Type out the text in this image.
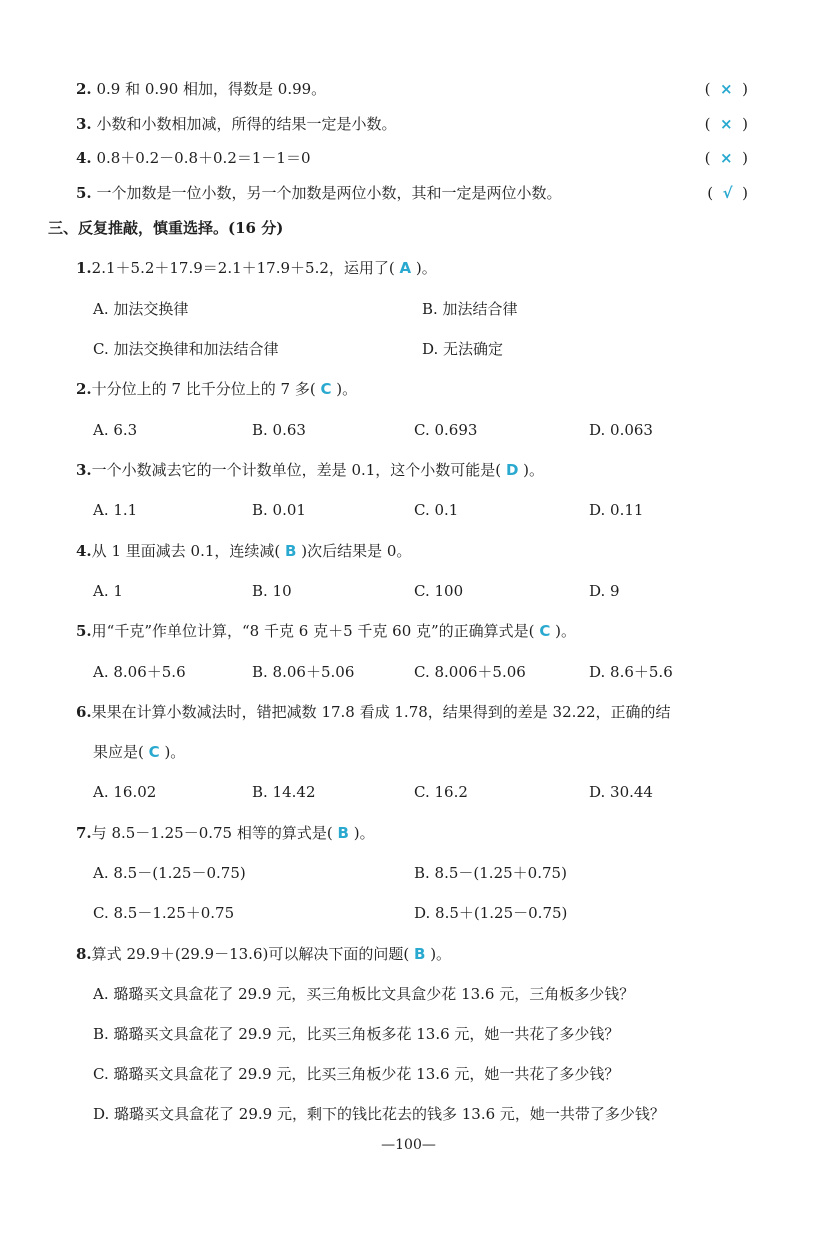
2. 0.9 和 0.90 相加，得数是 0.99。	(  ×  )
3. 小数和小数相加减，所得的结果一定是小数。	(  ×  )
4. 0.8＋0.2－0.8＋0.2＝1－1＝0	(  ×  )
5. 一个加数是一位小数，另一个加数是两位小数，其和一定是两位小数。	(  √  )
三、反复推敲，慎重选择。(16 分)
1.2.1＋5.2＋17.9＝2.1＋17.9＋5.2，运用了( A )。
A. 加法交换律	B. 加法结合律
C. 加法交换律和加法结合律	D. 无法确定
2.十分位上的 7 比千分位上的 7 多( C )。
A. 6.3	B. 0.63	C. 0.693	D. 0.063
3.一个小数减去它的一个计数单位，差是 0.1，这个小数可能是( D )。
A. 1.1	B. 0.01	C. 0.1	D. 0.11
4.从 1 里面减去 0.1，连续减( B )次后结果是 0。
A. 1	B. 10	C. 100	D. 9
5.用“千克”作单位计算，“8 千克 6 克＋5 千克 60 克”的正确算式是( C )。
A. 8.06＋5.6	B. 8.06＋5.06	C. 8.006＋5.06	D. 8.6＋5.6
6.果果在计算小数减法时，错把减数 17.8 看成 1.78，结果得到的差是 32.22，正确的结
果应是( C )。
A. 16.02	B. 14.42	C. 16.2	D. 30.44
7.与 8.5－1.25－0.75 相等的算式是( B )。
A. 8.5－(1.25－0.75)	B. 8.5－(1.25＋0.75)
C. 8.5－1.25＋0.75	D. 8.5＋(1.25－0.75)
8.算式 29.9＋(29.9－13.6)可以解决下面的问题( B )。
A. 璐璐买文具盒花了 29.9 元，买三角板比文具盒少花 13.6 元，三角板多少钱？
B. 璐璐买文具盒花了 29.9 元，比买三角板多花 13.6 元，她一共花了多少钱？
C. 璐璐买文具盒花了 29.9 元，比买三角板少花 13.6 元，她一共花了多少钱？
D. 璐璐买文具盒花了 29.9 元，剩下的钱比花去的钱多 13.6 元，她一共带了多少钱？
—100—
